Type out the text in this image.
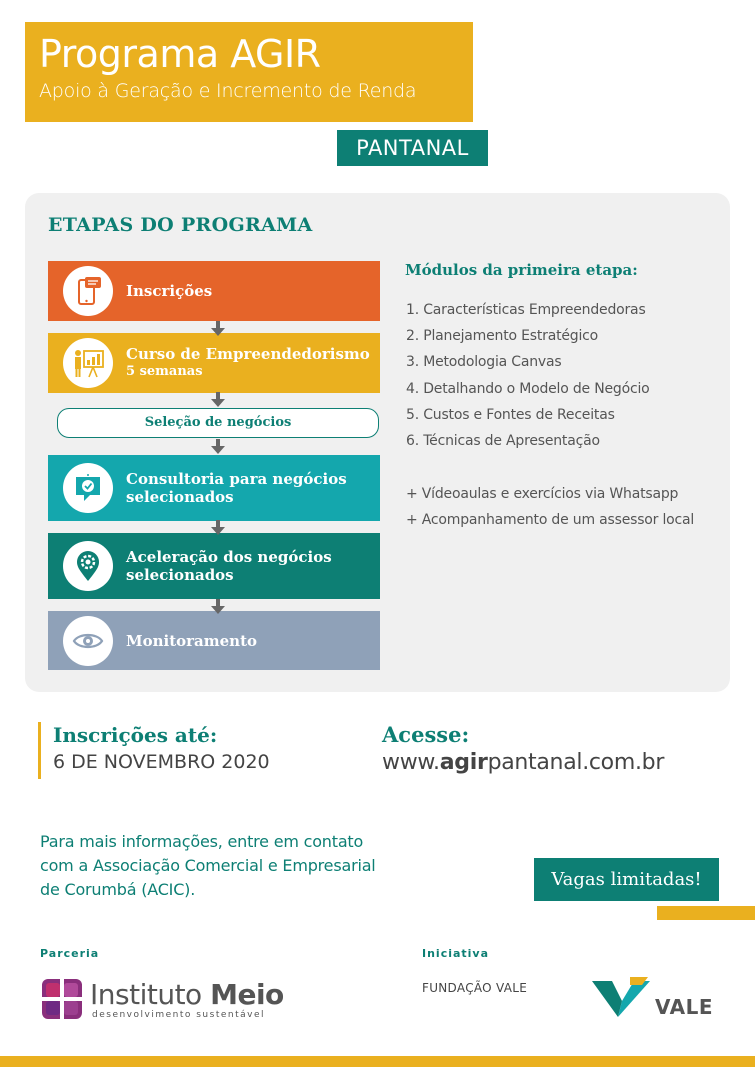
Programa AGIR
Apoio à Geração e Incremento de Renda
PANTANAL
ETAPAS DO PROGRAMA
Inscrições
Curso de Empreendedorismo
5 semanas
Seleção de negócios
Consultoria para negócios selecionados
Aceleração dos negócios selecionados
Monitoramento
Módulos da primeira etapa:
1. Características Empreendedoras
2. Planejamento Estratégico
3. Metodologia Canvas
4. Detalhando o Modelo de Negócio
5. Custos e Fontes de Receitas
6. Técnicas de Apresentação
+ Vídeoaulas e exercícios via Whatsapp
+ Acompanhamento de um assessor local
Inscrições até:
6 DE NOVEMBRO 2020
Acesse:
www.agirpantanal.com.br
Para mais informações, entre em contato
com a Associação Comercial e Empresarial
de Corumbá (ACIC).	Vagas limitadas!
Parceria	Iniciativa
Instituto Meio
desenvolvimento sustentável
FUNDAÇÃO VALE
VALE
